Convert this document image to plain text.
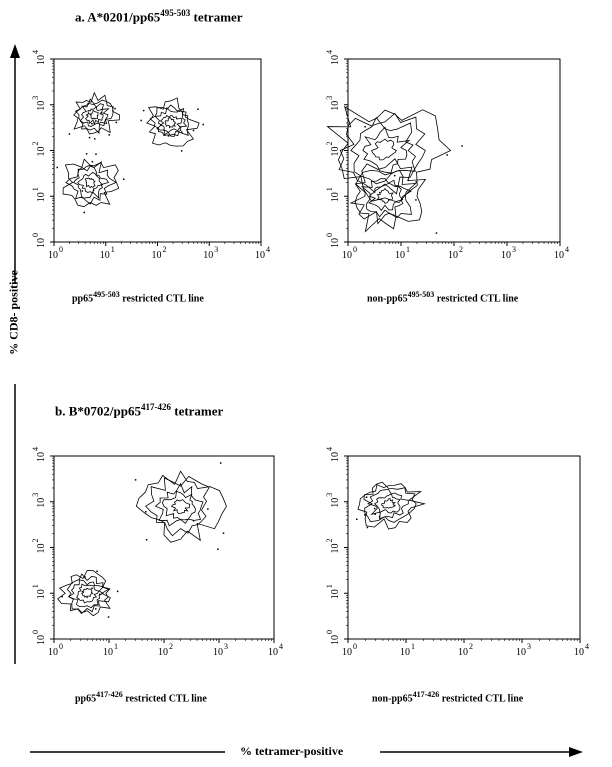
% CD8- positive
a. A*0201/pp65$^{495-503}$ tetramer
10
0
10
0
10
1
10
1
10
2
10
2
10
3
10
3
10
4
10
4
pp65$^{495-503}$ restricted CTL line
10
0
10
0
10
1
10
1
10
2
10
2
10
3
10
3
10
4
10
4
non-pp65$^{495-503}$ restricted CTL line
b. B*0702/pp65$^{417-426}$ tetramer
10
0
10
0
10
1
10
1
10
2
10
2
10
3
10
3
10
4
10
4
pp65$^{417-426}$ restricted CTL line
10
0
10
0
10
1
10
1
10
2
10
2
10
3
10
3
10
4
10
4
non-pp65$^{417-426}$ restricted CTL line
% tetramer-positive
